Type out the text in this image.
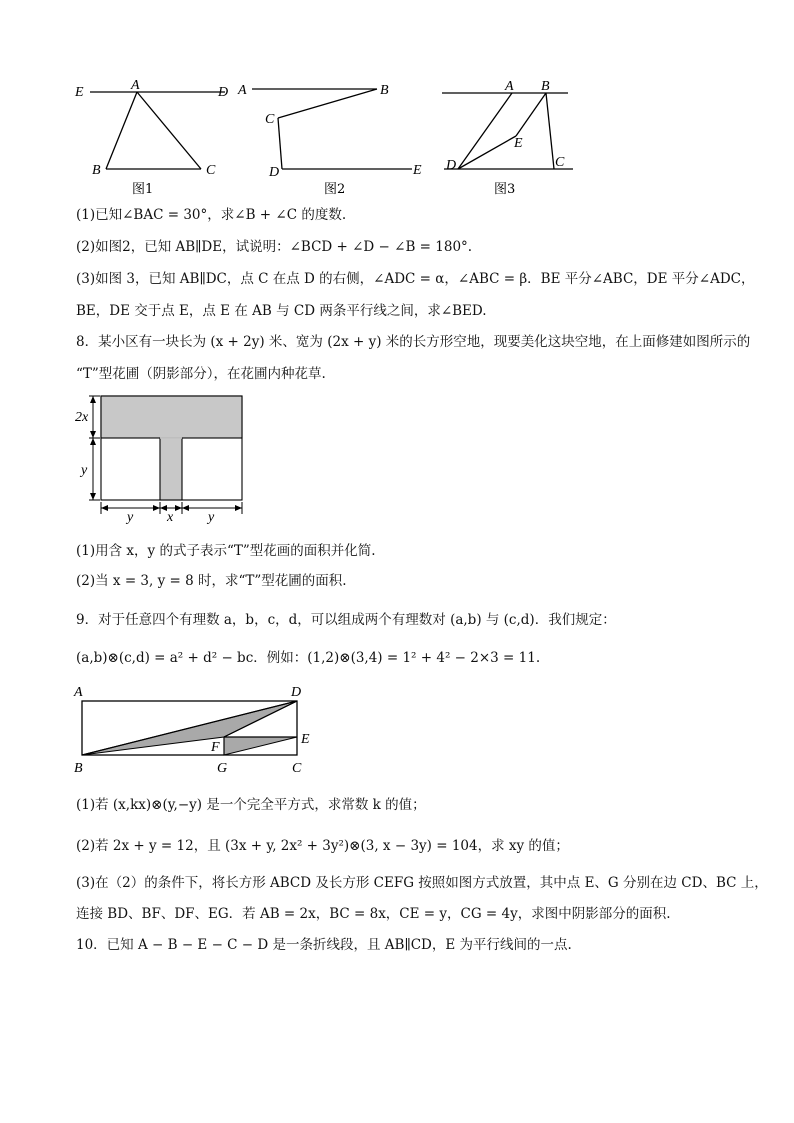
E	A	D
B	C
图1
A	B
C
D	E
图2
A B
E
D	C
图3
(1)已知∠BAC = 30°，求∠B + ∠C 的度数.
(2)如图2，已知 AB∥DE，试说明：∠BCD + ∠D − ∠B = 180°.
(3)如图 3，已知 AB∥DC，点 C 在点 D 的右侧，∠ADC = α，∠ABC = β．BE 平分∠ABC，DE 平分∠ADC，
BE，DE 交于点 E，点 E 在 AB 与 CD 两条平行线之间，求∠BED.
8．某小区有一块长为 (x + 2y) 米、宽为 (2x + y) 米的长方形空地，现要美化这块空地，在上面修建如图所示的
“T”型花圃（阴影部分），在花圃内种花草.
2x
y
y x y
(1)用含 x，y 的式子表示“T”型花画的面积并化简.
(2)当 x = 3, y = 8 时，求“T”型花圃的面积.
9．对于任意四个有理数 a，b，c，d，可以组成两个有理数对 (a,b) 与 (c,d)．我们规定：
(a,b)⊗(c,d) = a² + d² − bc．例如：(1,2)⊗(3,4) = 1² + 4² − 2×3 = 11.
A	D
E
F
B	G	C
(1)若 (x,kx)⊗(y,−y) 是一个完全平方式，求常数 k 的值；
(2)若 2x + y = 12，且 (3x + y, 2x² + 3y²)⊗(3, x − 3y) = 104，求 xy 的值；
(3)在（2）的条件下，将长方形 ABCD 及长方形 CEFG 按照如图方式放置，其中点 E、G 分别在边 CD、BC 上，
连接 BD、BF、DF、EG．若 AB = 2x，BC = 8x，CE = y，CG = 4y，求图中阴影部分的面积.
10．已知 A − B − E − C − D 是一条折线段，且 AB∥CD，E 为平行线间的一点.
